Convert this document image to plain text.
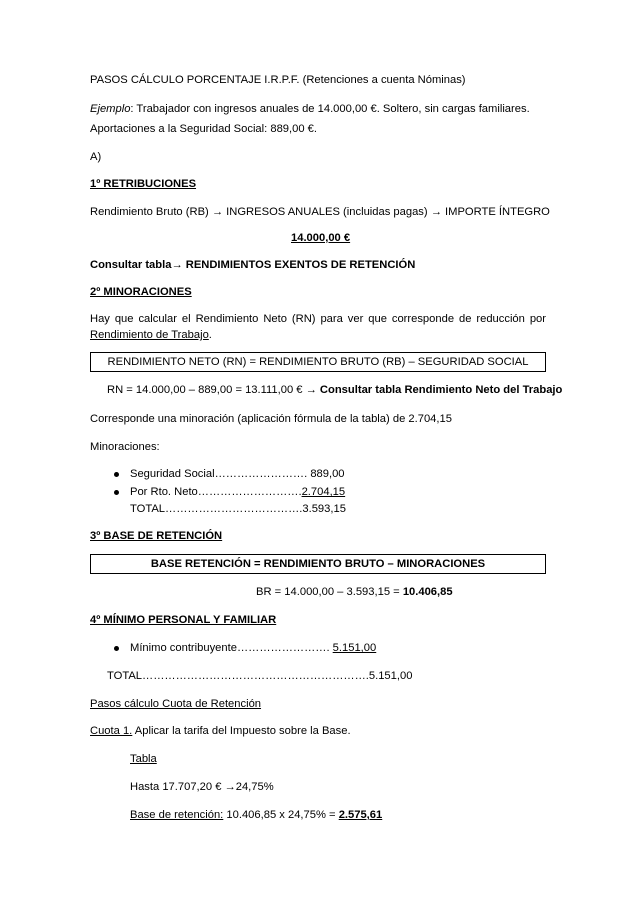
PASOS CÁLCULO PORCENTAJE I.R.P.F. (Retenciones a cuenta Nóminas)
Ejemplo: Trabajador con ingresos anuales de 14.000,00 €. Soltero, sin cargas familiares.
Aportaciones a la Seguridad Social: 889,00 €.
A)
1º RETRIBUCIONES
Rendimiento Bruto (RB) → INGRESOS ANUALES (incluidas pagas) → IMPORTE ÍNTEGRO
14.000,00 €
Consultar tabla→ RENDIMIENTOS EXENTOS DE RETENCIÓN
2º MINORACIONES
Hay que calcular el Rendimiento Neto (RN) para ver que corresponde de reducción por
Rendimiento de Trabajo.
RENDIMIENTO NETO (RN) = RENDIMIENTO BRUTO (RB) – SEGURIDAD SOCIAL
RN = 14.000,00 – 889,00 = 13.111,00 € → Consultar tabla Rendimiento Neto del Trabajo
Corresponde una minoración (aplicación fórmula de la tabla) de 2.704,15
Minoraciones:
Seguridad Social……………………. 889,00
Por Rto. Neto……………………….2.704,15
TOTAL……………………………….3.593,15
3º BASE DE RETENCIÓN
BASE RETENCIÓN = RENDIMIENTO BRUTO – MINORACIONES
BR = 14.000,00 – 3.593,15 = 10.406,85
4º MÍNIMO PERSONAL Y FAMILIAR
Mínimo contribuyente……………………. 5.151,00
TOTAL…………………………………………………….5.151,00
Pasos cálculo Cuota de Retención
Cuota 1. Aplicar la tarifa del Impuesto sobre la Base.
Tabla
Hasta 17.707,20 € →24,75%
Base de retención: 10.406,85 x 24,75% = 2.575,61
